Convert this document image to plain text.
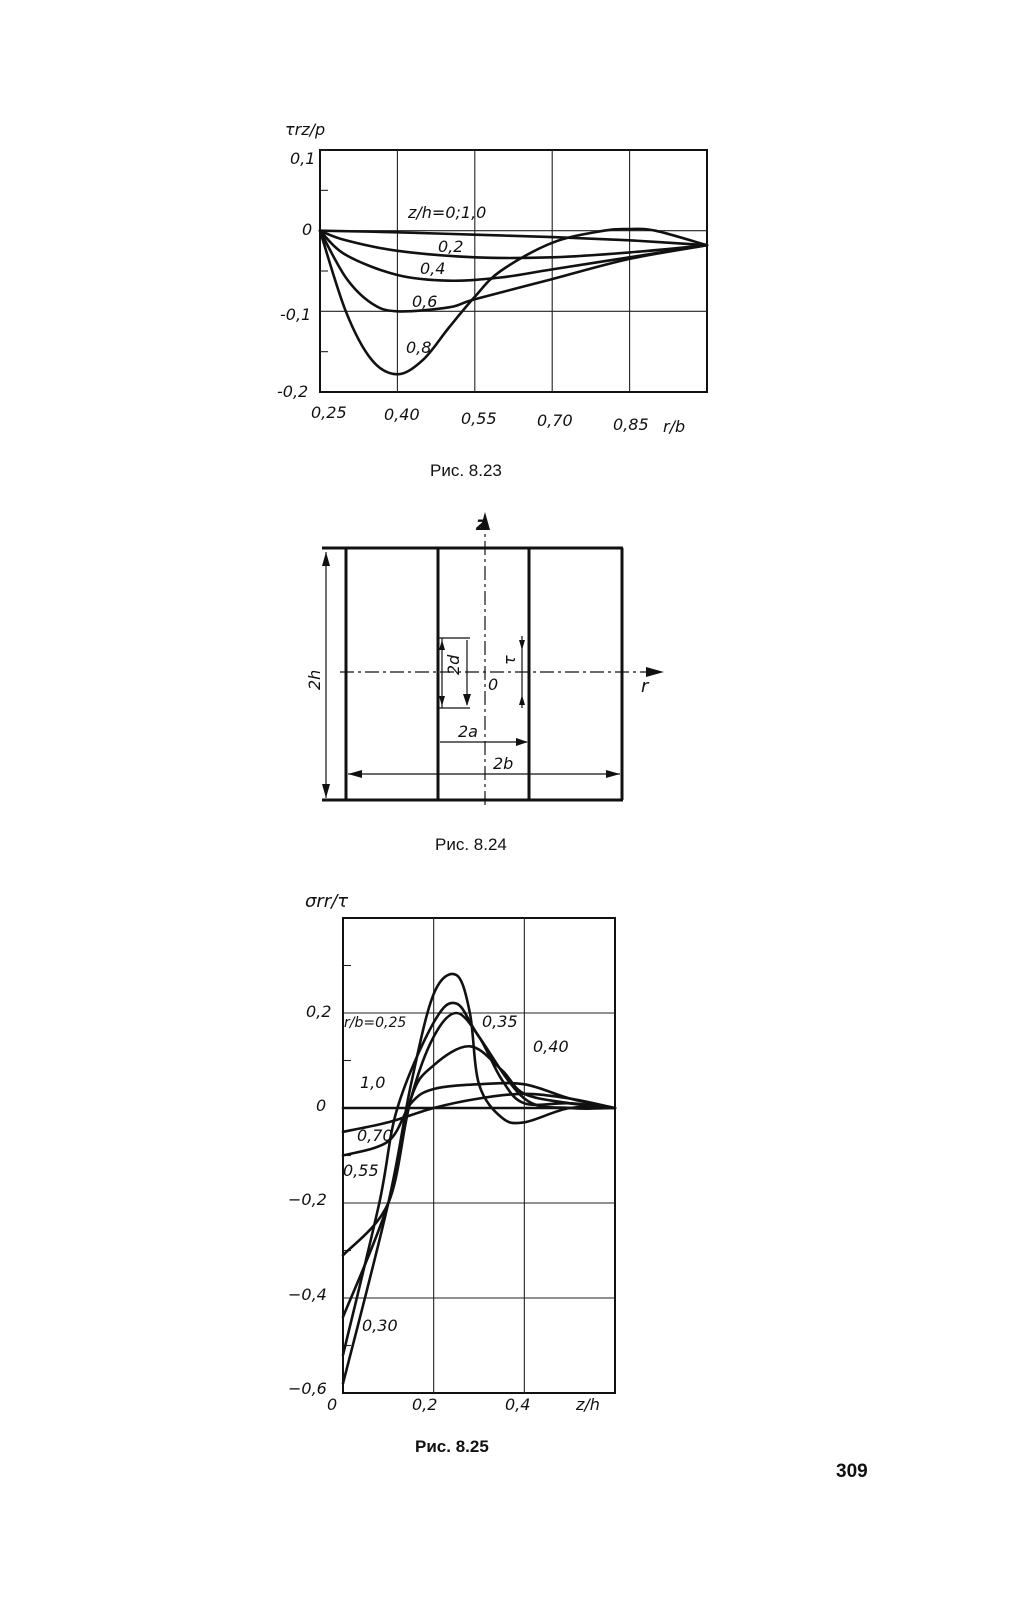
τrz/p
0,1
0
-0,1
-0,2
0,25 0,40	0,55	0,70	0,85 r/b
z/h=0;1,0
0,2
0,4
0,6
0,8
Рис. 8.23
z
r
0
2h
2d τ
2a
2b
Рис. 8.24
σrr/τ
0,2
0
−0,2
−0,4
−0,6
0	0,2	0,4	z/h
r/b=0,25	0,35
0,40
1,0
0,70
0,55
0,30
Рис. 8.25
309
